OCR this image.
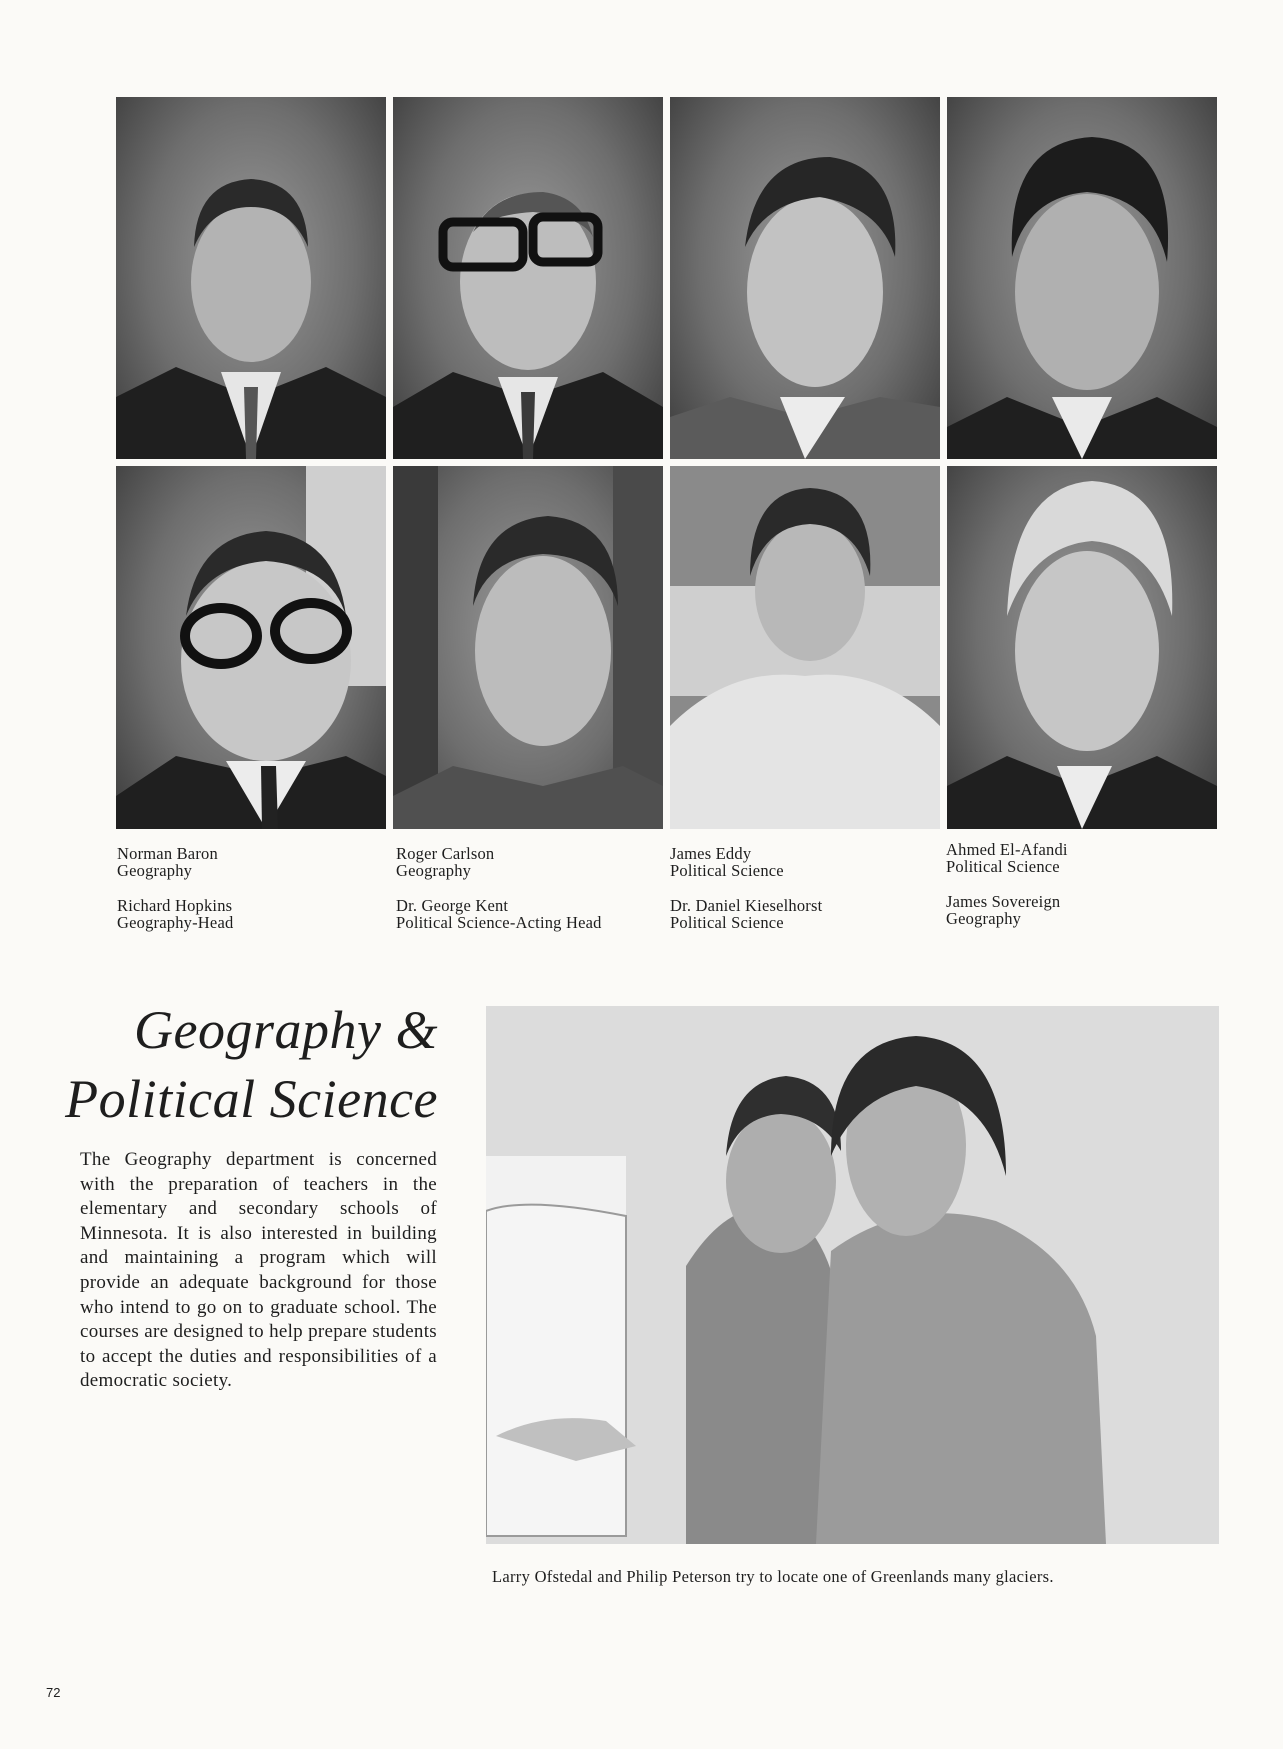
Norman Baron
Geography
Richard Hopkins
Geography-Head
Roger Carlson
Geography
Dr. George Kent
Political Science-Acting Head
James Eddy
Political Science
Dr. Daniel Kieselhorst
Political Science
Ahmed El-Afandi
Political Science
James Sovereign
Geography
Geography &
Political Science

The Geography department is concerned with the preparation of teachers in the elementary and secondary schools of Minnesota. It is also interested in building and maintaining a program which will provide an adequate background for those who intend to go on to graduate school. The courses are designed to help prepare students to accept the duties and responsibilities of a democratic society.

Larry Ofstedal and Philip Peterson try to locate one of Greenlands many glaciers.

72
